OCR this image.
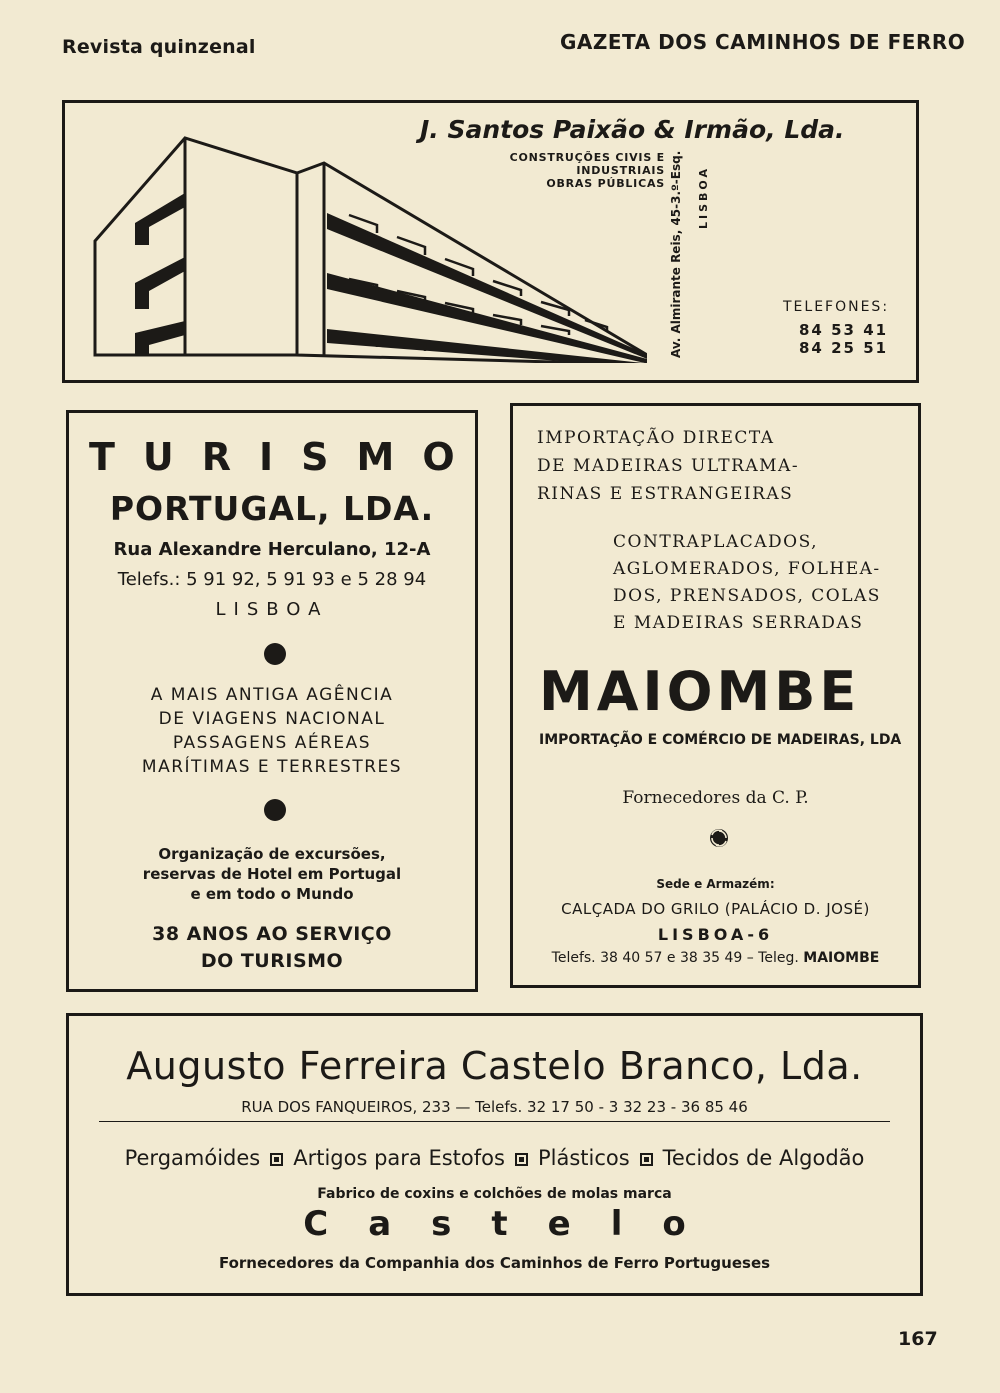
Revista quinzenal	GAZETA DOS CAMINHOS DE FERRO
J. Santos Paixão & Irmão, Lda.
CONSTRUÇÕES CIVIS E INDUSTRIAIS
OBRAS PÚBLICAS Av. Almirante Reis, 45-3.º-Esq. LISBOA
TELEFONES:
84 53 41
84 25 51
TURISMO
PORTUGAL, LDA.
Rua Alexandre Herculano, 12-A
Telefs.: 5 91 92, 5 91 93 e 5 28 94
LISBOA
A MAIS ANTIGA AGÊNCIA
DE VIAGENS NACIONAL
PASSAGENS AÉREAS
MARÍTIMAS E TERRESTRES
Organização de excursões,
reservas de Hotel em Portugal
e em todo o Mundo
38 ANOS AO SERVIÇO
DO TURISMO
IMPORTAÇÃO DIRECTA
DE MADEIRAS ULTRAMA-
RINAS E ESTRANGEIRAS
CONTRAPLACADOS,
AGLOMERADOS, FOLHEA-
DOS, PRENSADOS, COLAS
E MADEIRAS SERRADAS
MAIOMBE
IMPORTAÇÃO E COMÉRCIO DE MADEIRAS, LDA
Fornecedores da C. P.
Sede e Armazém:
CALÇADA DO GRILO (PALÁCIO D. JOSÉ)
LISBOA-6
Telefs. 38 40 57 e 38 35 49 – Teleg. MAIOMBE
Augusto Ferreira Castelo Branco, Lda.
RUA DOS FANQUEIROS, 233 — Telefs. 32 17 50 - 3 32 23 - 36 85 46
Pergamóides Artigos para Estofos Plásticos Tecidos de Algodão
Fabrico de coxins e colchões de molas marca
Castelo
Fornecedores da Companhia dos Caminhos de Ferro Portugueses
167
